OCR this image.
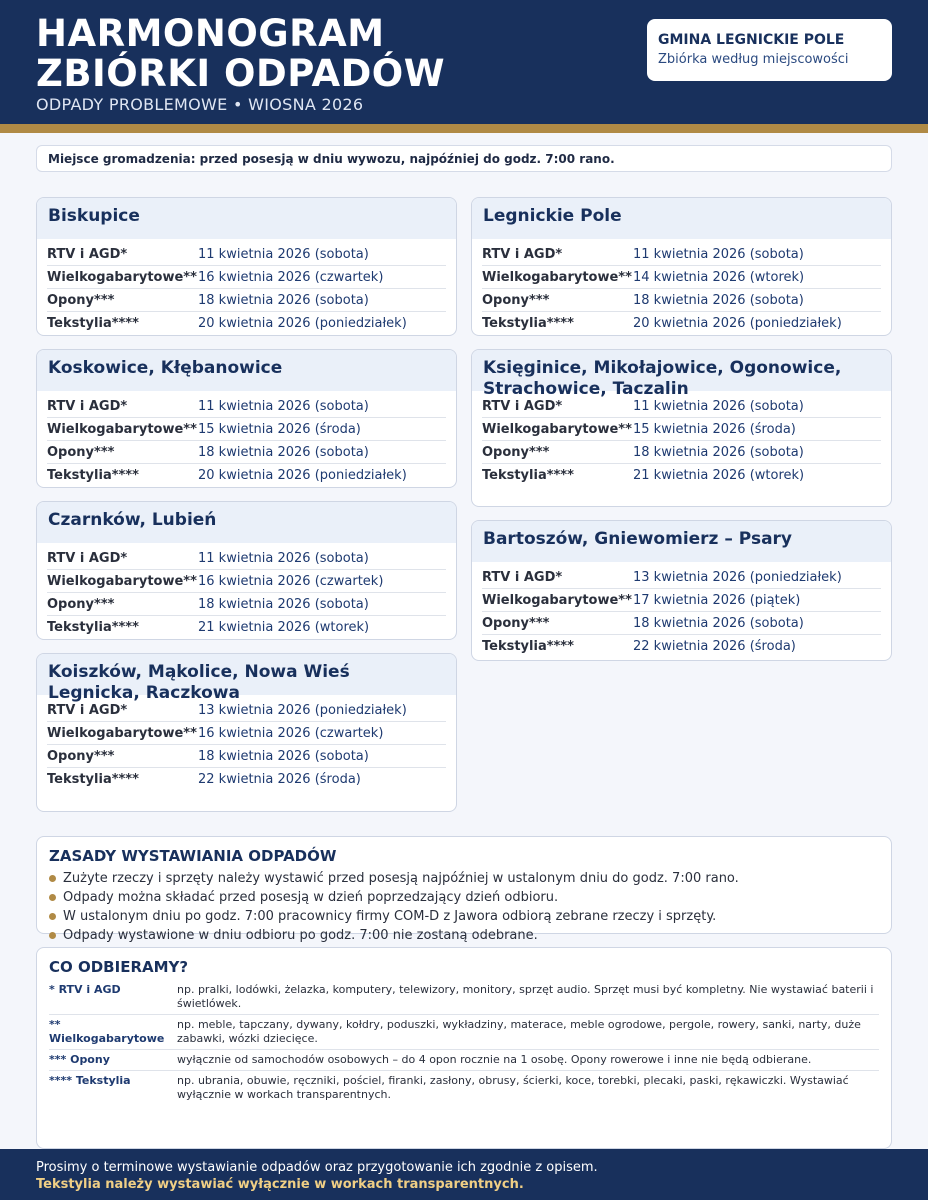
HARMONOGRAM
ZBIÓRKI ODPADÓW
ODPADY PROBLEMOWE • WIOSNA 2026
GMINA LEGNICKIE POLE
Zbiórka według miejscowości
Miejsce gromadzenia: przed posesją w dniu wywozu, najpóźniej do godz. 7:00 rano.
Biskupice
RTV i AGD*	11 kwietnia 2026 (sobota)
Wielkogabarytowe** 16 kwietnia 2026 (czwartek)
Opony***	18 kwietnia 2026 (sobota)
Tekstylia****	20 kwietnia 2026 (poniedziałek)
Legnickie Pole
RTV i AGD*	11 kwietnia 2026 (sobota)
Wielkogabarytowe** 14 kwietnia 2026 (wtorek)
Opony***	18 kwietnia 2026 (sobota)
Tekstylia****	20 kwietnia 2026 (poniedziałek)
Koskowice, Kłębanowice
RTV i AGD*	11 kwietnia 2026 (sobota)
Wielkogabarytowe** 15 kwietnia 2026 (środa)
Opony***	18 kwietnia 2026 (sobota)
Tekstylia****	20 kwietnia 2026 (poniedziałek)
Księginice, Mikołajowice, Ogonowice, Strachowice, Taczalin
RTV i AGD*	11 kwietnia 2026 (sobota)
Wielkogabarytowe** 15 kwietnia 2026 (środa)
Opony***	18 kwietnia 2026 (sobota)
Tekstylia****	21 kwietnia 2026 (wtorek)
Czarnków, Lubień
RTV i AGD*	11 kwietnia 2026 (sobota)
Wielkogabarytowe** 16 kwietnia 2026 (czwartek)
Opony***	18 kwietnia 2026 (sobota)
Tekstylia****	21 kwietnia 2026 (wtorek)
Bartoszów, Gniewomierz – Psary
RTV i AGD*	13 kwietnia 2026 (poniedziałek)
Wielkogabarytowe** 17 kwietnia 2026 (piątek)
Opony***	18 kwietnia 2026 (sobota)
Tekstylia****	22 kwietnia 2026 (środa)
Koiszków, Mąkolice, Nowa Wieś Legnicka, Raczkowa
RTV i AGD*	13 kwietnia 2026 (poniedziałek)
Wielkogabarytowe** 16 kwietnia 2026 (czwartek)
Opony***	18 kwietnia 2026 (sobota)
Tekstylia****	22 kwietnia 2026 (środa)
ZASADY WYSTAWIANIA ODPADÓW
Zużyte rzeczy i sprzęty należy wystawić przed posesją najpóźniej w ustalonym dniu do godz. 7:00 rano.
Odpady można składać przed posesją w dzień poprzedzający dzień odbioru.
W ustalonym dniu po godz. 7:00 pracownicy firmy COM-D z Jawora odbiorą zebrane rzeczy i sprzęty.
Odpady wystawione w dniu odbioru po godz. 7:00 nie zostaną odebrane.
CO ODBIERAMY?
* RTV i AGD	np. pralki, lodówki, żelazka, komputery, telewizory, monitory, sprzęt audio. Sprzęt musi być kompletny. Nie wystawiać baterii i świetlówek.
** Wielkogabarytowe
np. meble, tapczany, dywany, kołdry, poduszki, wykładziny, materace, meble ogrodowe, pergole, rowery, sanki, narty, duże zabawki, wózki dziecięce.
*** Opony	wyłącznie od samochodów osobowych – do 4 opon rocznie na 1 osobę. Opony rowerowe i inne nie będą odbierane.
**** Tekstylia	np. ubrania, obuwie, ręczniki, pościel, firanki, zasłony, obrusy, ścierki, koce, torebki, plecaki, paski, rękawiczki. Wystawiać wyłącznie w workach transparentnych.
Prosimy o terminowe wystawianie odpadów oraz przygotowanie ich zgodnie z opisem.
Tekstylia należy wystawiać wyłącznie w workach transparentnych.
